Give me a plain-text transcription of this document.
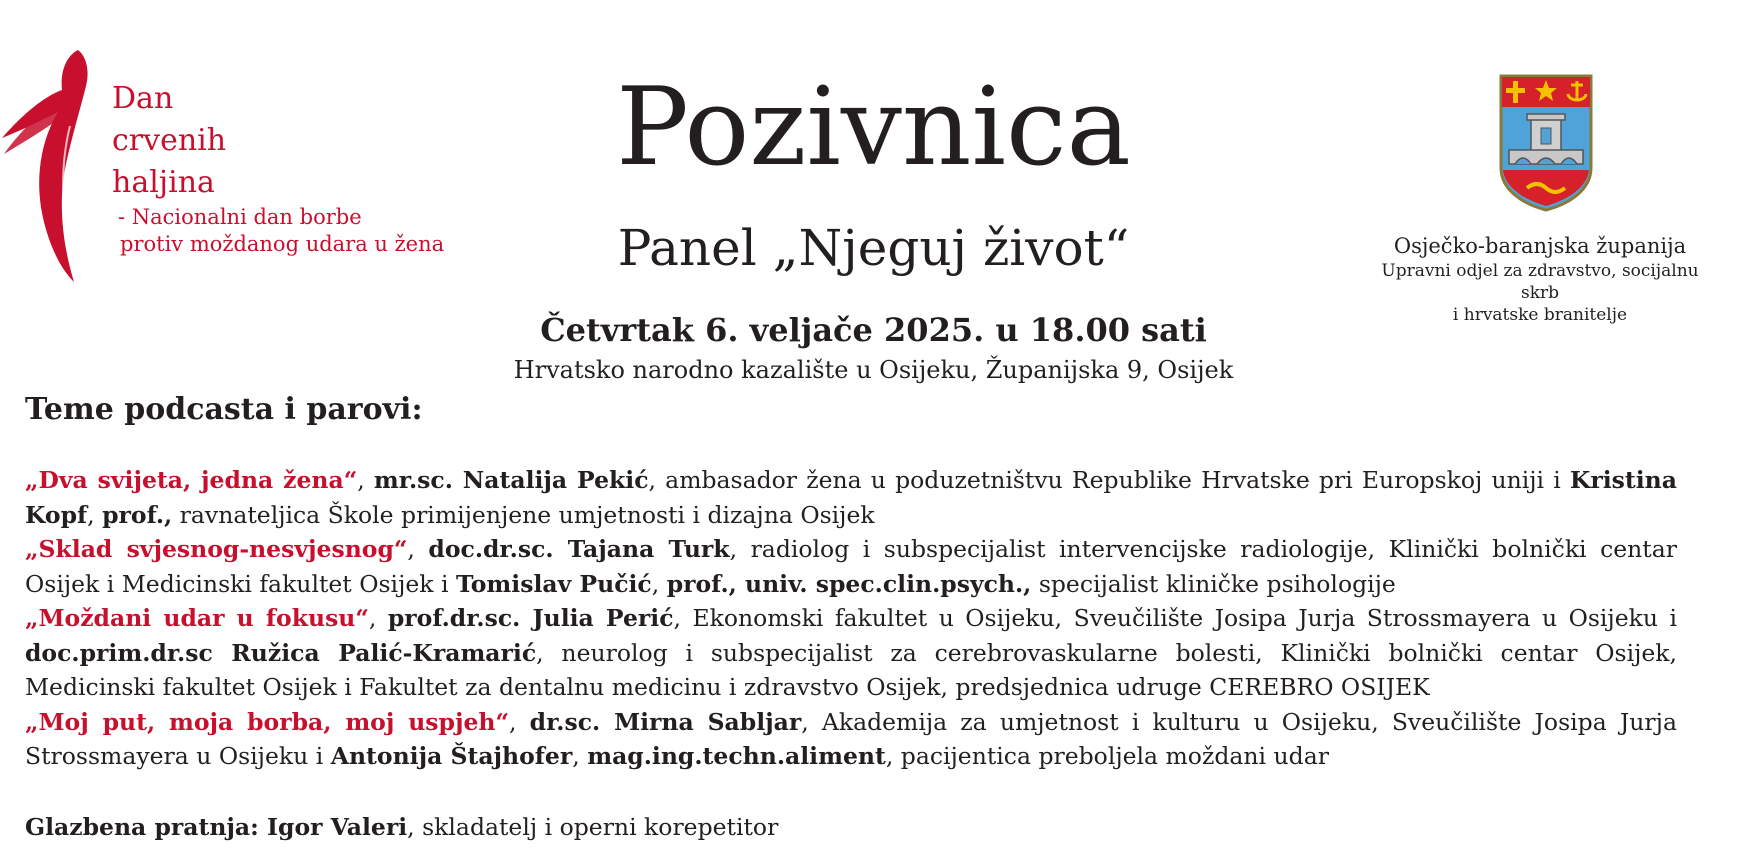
Dan
crvenih
haljina
- Nacionalni dan borbe
protiv moždanog udara u žena
Pozivnica
Panel „Njeguj život“
Četvrtak 6. veljače 2025. u 18.00 sati
Hrvatsko narodno kazalište u Osijeku, Županijska 9, Osijek
Osječko-baranjska županija
Upravni odjel za zdravstvo, socijalnu skrb
i hrvatske branitelje
Teme podcasta i parovi:

„Dva svijeta, jedna žena“, mr.sc. Natalija Pekić, ambasador žena u poduzetništvu Republike Hrvatske pri Europskoj uniji i Kristina Kopf, prof., ravnateljica Škole primijenjene umjetnosti i dizajna Osijek

„Sklad svjesnog-nesvjesnog“, doc.dr.sc. Tajana Turk, radiolog i subspecijalist intervencijske radiologije, Klinički bolnički centar Osijek i Medicinski fakultet Osijek i Tomislav Pučić, prof., univ. spec.clin.psych., specijalist kliničke psihologije

„Moždani udar u fokusu“, prof.dr.sc. Julia Perić, Ekonomski fakultet u Osijeku, Sveučilište Josipa Jurja Strossmayera u Osijeku i doc.prim.dr.sc Ružica Palić-Kramarić, neurolog i subspecijalist za cerebrovaskularne bolesti, Klinički bolnički centar Osijek, Medicinski fakultet Osijek i Fakultet za dentalnu medicinu i zdravstvo Osijek, predsjednica udruge CEREBRO OSIJEK

„Moj put, moja borba, moj uspjeh“, dr.sc. Mirna Sabljar, Akademija za umjetnost i kulturu u Osijeku, Sveučilište Josipa Jurja Strossmayera u Osijeku i Antonija Štajhofer, mag.ing.techn.aliment, pacijentica preboljela moždani udar

Glazbena pratnja: Igor Valeri, skladatelj i operni korepetitor
